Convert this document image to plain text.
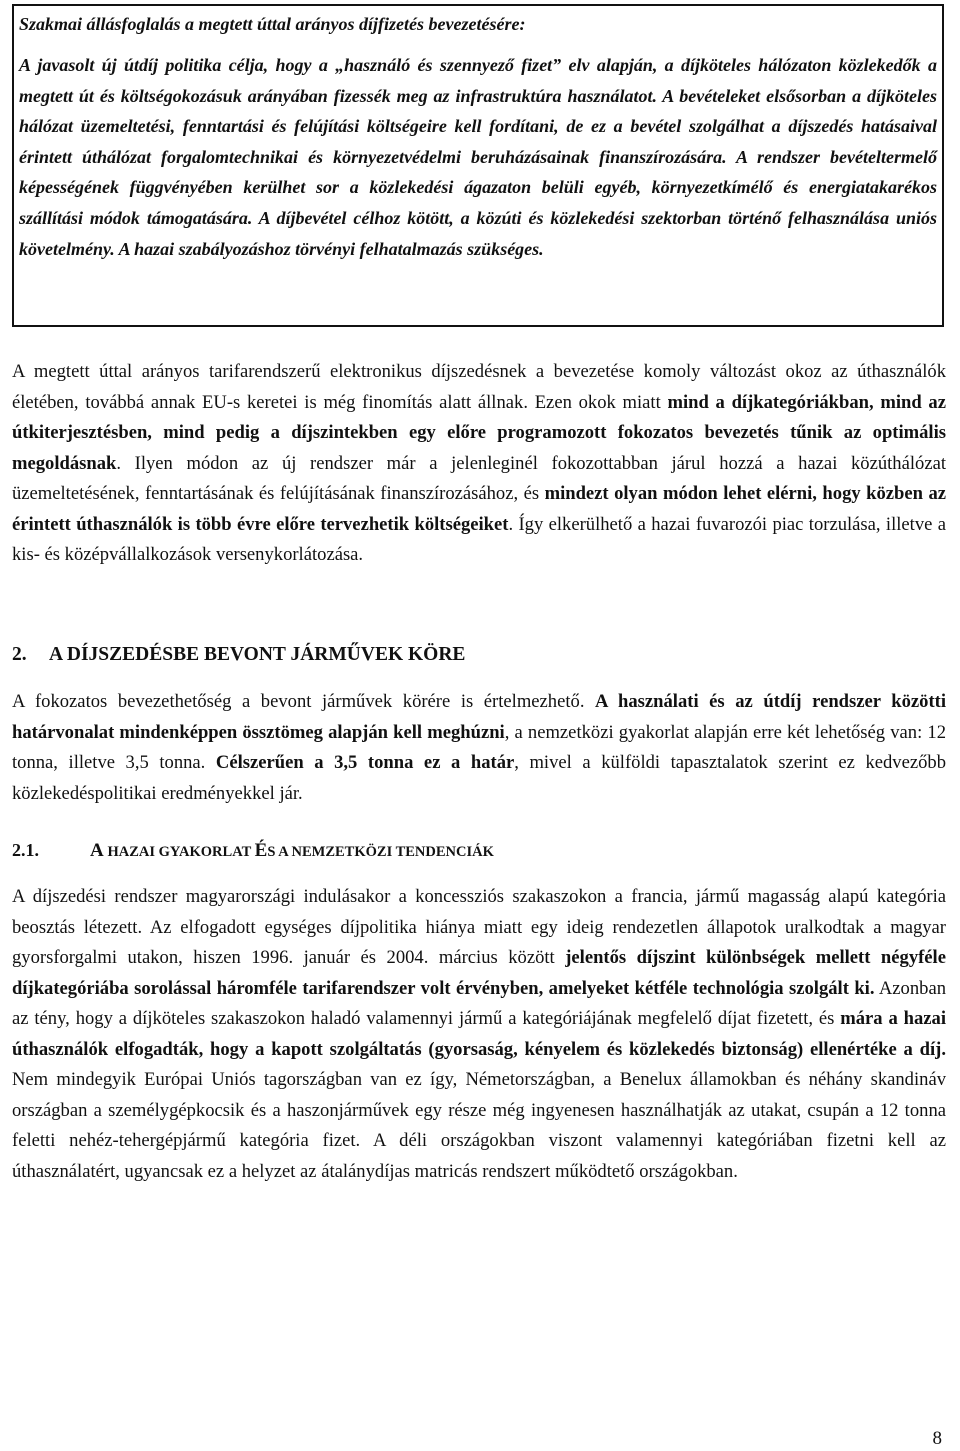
Szakmai állásfoglalás a megtett úttal arányos díjfizetés bevezetésére:

A javasolt új útdíj politika célja, hogy a „használó és szennyező fizet” elv alapján, a díjköteles hálózaton közlekedők a megtett út és költségokozásuk arányában fizessék meg az infrastruktúra használatot. A bevételeket elsősorban a díjköteles hálózat üzemeltetési, fenntartási és felújítási költségeire kell fordítani, de ez a bevétel szolgálhat a díjszedés hatásaival érintett úthálózat forgalomtechnikai és környezetvédelmi beruházásainak finanszírozására. A rendszer bevételtermelő képességének függvényében kerülhet sor a közlekedési ágazaton belüli egyéb, környezetkímélő és energiatakarékos szállítási módok támogatására. A díjbevétel célhoz kötött, a közúti és közlekedési szektorban történő felhasználása uniós követelmény. A hazai szabályozáshoz törvényi felhatalmazás szükséges.

A megtett úttal arányos tarifarendszerű elektronikus díjszedésnek a bevezetése komoly változást okoz az úthasználók életében, továbbá annak EU-s keretei is még finomítás alatt állnak. Ezen okok miatt mind a díjkategóriákban, mind az útkiterjesztésben, mind pedig a díjszintekben egy előre programozott fokozatos bevezetés tűnik az optimális megoldásnak. Ilyen módon az új rendszer már a jelenleginél fokozottabban járul hozzá a hazai közúthálózat üzemeltetésének, fenntartásának és felújításának finanszírozásához, és mindezt olyan módon lehet elérni, hogy közben az érintett úthasználók is több évre előre tervezhetik költségeiket. Így elkerülhető a hazai fuvarozói piac torzulása, illetve a kis- és középvállalkozások versenykorlátozása.

2. A DÍJSZEDÉSBE BEVONT JÁRMŰVEK KÖRE

A fokozatos bevezethetőség a bevont járművek körére is értelmezhető. A használati és az útdíj rendszer közötti határvonalat mindenképpen össztömeg alapján kell meghúzni, a nemzetközi gyakorlat alapján erre két lehetőség van: 12 tonna, illetve 3,5 tonna. Célszerűen a 3,5 tonna ez a határ, mivel a külföldi tapasztalatok szerint ez kedvezőbb közlekedéspolitikai eredményekkel jár.

2.1.	A HAZAI GYAKORLAT ÉS A NEMZETKÖZI TENDENCIÁK

A díjszedési rendszer magyarországi indulásakor a koncessziós szakaszokon a francia, jármű magasság alapú kategória beosztás létezett. Az elfogadott egységes díjpolitika hiánya miatt egy ideig rendezetlen állapotok uralkodtak a magyar gyorsforgalmi utakon, hiszen 1996. január és 2004. március között jelentős díjszint különbségek mellett négyféle díjkategóriába sorolással háromféle tarifarendszer volt érvényben, amelyeket kétféle technológia szolgált ki. Azonban az tény, hogy a díjköteles szakaszokon haladó valamennyi jármű a kategóriájának megfelelő díjat fizetett, és mára a hazai úthasználók elfogadták, hogy a kapott szolgáltatás (gyorsaság, kényelem és közlekedés biztonság) ellenértéke a díj. Nem mindegyik Európai Uniós tagországban van ez így, Németországban, a Benelux államokban és néhány skandináv országban a személygépkocsik és a haszonjárművek egy része még ingyenesen használhatják az utakat, csupán a 12 tonna feletti nehéz-tehergépjármű kategória fizet. A déli országokban viszont valamennyi kategóriában fizetni kell az úthasználatért, ugyancsak ez a helyzet az átalánydíjas matricás rendszert működtető országokban.

8
